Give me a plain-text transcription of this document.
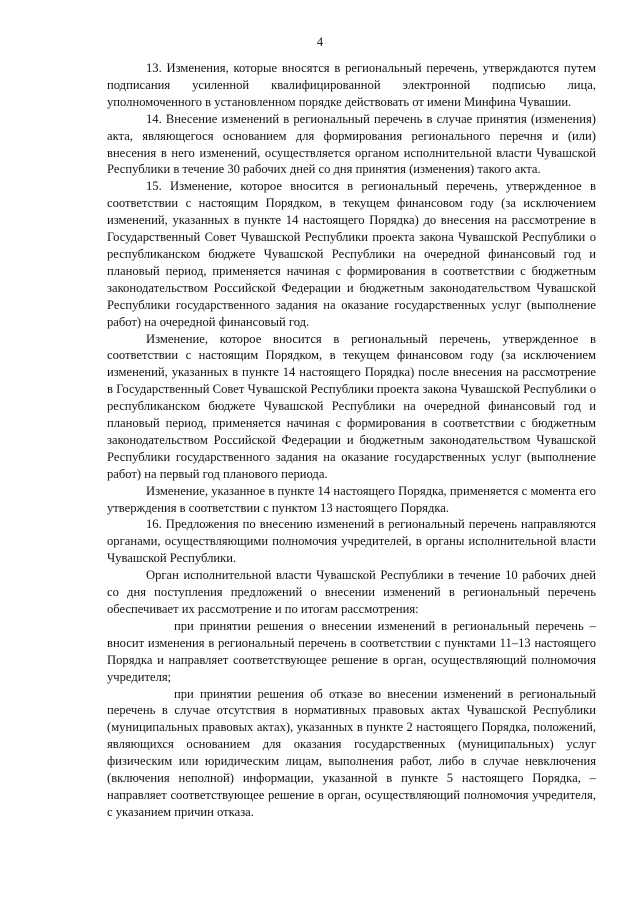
4

13. Изменения, которые вносятся в региональный перечень, утверждаются путем подписания усиленной квалифицированной электронной подписью лица, уполномоченного в установленном порядке действовать от имени Минфина Чувашии.

14. Внесение изменений в региональный перечень в случае принятия (изменения) акта, являющегося основанием для формирования регионального перечня и (или) внесения в него изменений, осуществляется органом исполнительной власти Чувашской Республики в течение 30 рабочих дней со дня принятия (изменения) такого акта.

15. Изменение, которое вносится в региональный перечень, утвержденное в соответствии с настоящим Порядком, в текущем финансовом году (за исключением изменений, указанных в пункте 14 настоящего Порядка) до внесения на рассмотрение в Государственный Совет Чувашской Республики проекта закона Чувашской Республики о республиканском бюджете Чувашской Республики на очередной финансовый год и плановый период, применяется начиная с формирования в соответствии с бюджетным законодательством Российской Федерации и бюджетным законодательством Чувашской Республики государственного задания на оказание государственных услуг (выполнение работ) на очередной финансовый год.

Изменение, которое вносится в региональный перечень, утвержденное в соответствии с настоящим Порядком, в текущем финансовом году (за исключением изменений, указанных в пункте 14 настоящего Порядка) после внесения на рассмотрение в Государственный Совет Чувашской Республики проекта закона Чувашской Республики о республиканском бюджете Чувашской Республики на очередной финансовый год и плановый период, применяется начиная с формирования в соответствии с бюджетным законодательством Российской Федерации и бюджетным законодательством Чувашской Республики государственного задания на оказание государственных услуг (выполнение работ) на первый год планового периода.

Изменение, указанное в пункте 14 настоящего Порядка, применяется с момента его утверждения в соответствии с пунктом 13 настоящего Порядка.

16. Предложения по внесению изменений в региональный перечень направляются органами, осуществляющими полномочия учредителей, в органы исполнительной власти Чувашской Республики.

Орган исполнительной власти Чувашской Республики в течение 10 рабочих дней со дня поступления предложений о внесении изменений в региональный перечень обеспечивает их рассмотрение и по итогам рассмотрения:

при принятии решения о внесении изменений в региональный перечень – вносит изменения в региональный перечень в соответствии с пунктами 11–13 настоящего Порядка и направляет соответствующее решение в орган, осуществляющий полномочия учредителя;

при принятии решения об отказе во внесении изменений в региональный перечень в случае отсутствия в нормативных правовых актах Чувашской Республики (муниципальных правовых актах), указанных в пункте 2 настоящего Порядка, положений, являющихся основанием для оказания государственных (муниципальных) услуг физическим или юридическим лицам, выполнения работ, либо в случае невключения (включения неполной) информации, указанной в пункте 5 настоящего Порядка, – направляет соответствующее решение в орган, осуществляющий полномочия учредителя, с указанием причин отказа.
